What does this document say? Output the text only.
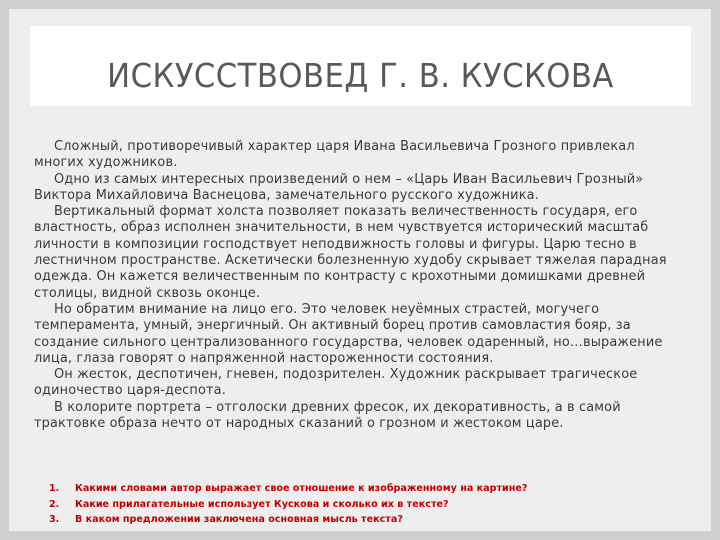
ИСКУССТВОВЕД Г. В. КУСКОВА

Сложный, противоречивый характер царя Ивана Васильевича Грозного привлекал многих художников.

Одно из самых интересных произведений о нем – «Царь Иван Васильевич Грозный» Виктора Михайловича Васнецова, замечательного русского художника.

Вертикальный формат холста позволяет показать величественность государя, его властность, образ исполнен значительности, в нем чувствуется исторический масштаб личности в композиции господствует неподвижность головы и фигуры. Царю тесно в лестничном пространстве. Аскетически болезненную худобу скрывает тяжелая парадная одежда. Он кажется величественным по контрасту с крохотными домишками древней столицы, видной сквозь оконце.

Но обратим внимание на лицо его. Это человек неуёмных страстей, могучего темперамента, умный, энергичный. Он активный борец против самовластия бояр, за создание сильного централизованного государства, человек одаренный, но…выражение лица, глаза говорят о напряженной настороженности состояния.

Он жесток, деспотичен, гневен, подозрителен. Художник раскрывает трагическое одиночество царя-деспота.

В колорите портрета – отголоски древних фресок, их декоративность, а в самой трактовке образа нечто от народных сказаний о грозном и жестоком царе.

1. Какими словами автор выражает свое отношение к изображенному на картине?
2. Какие прилагательные использует Кускова и сколько их в тексте?
3. В каком предложении заключена основная мысль текста?
